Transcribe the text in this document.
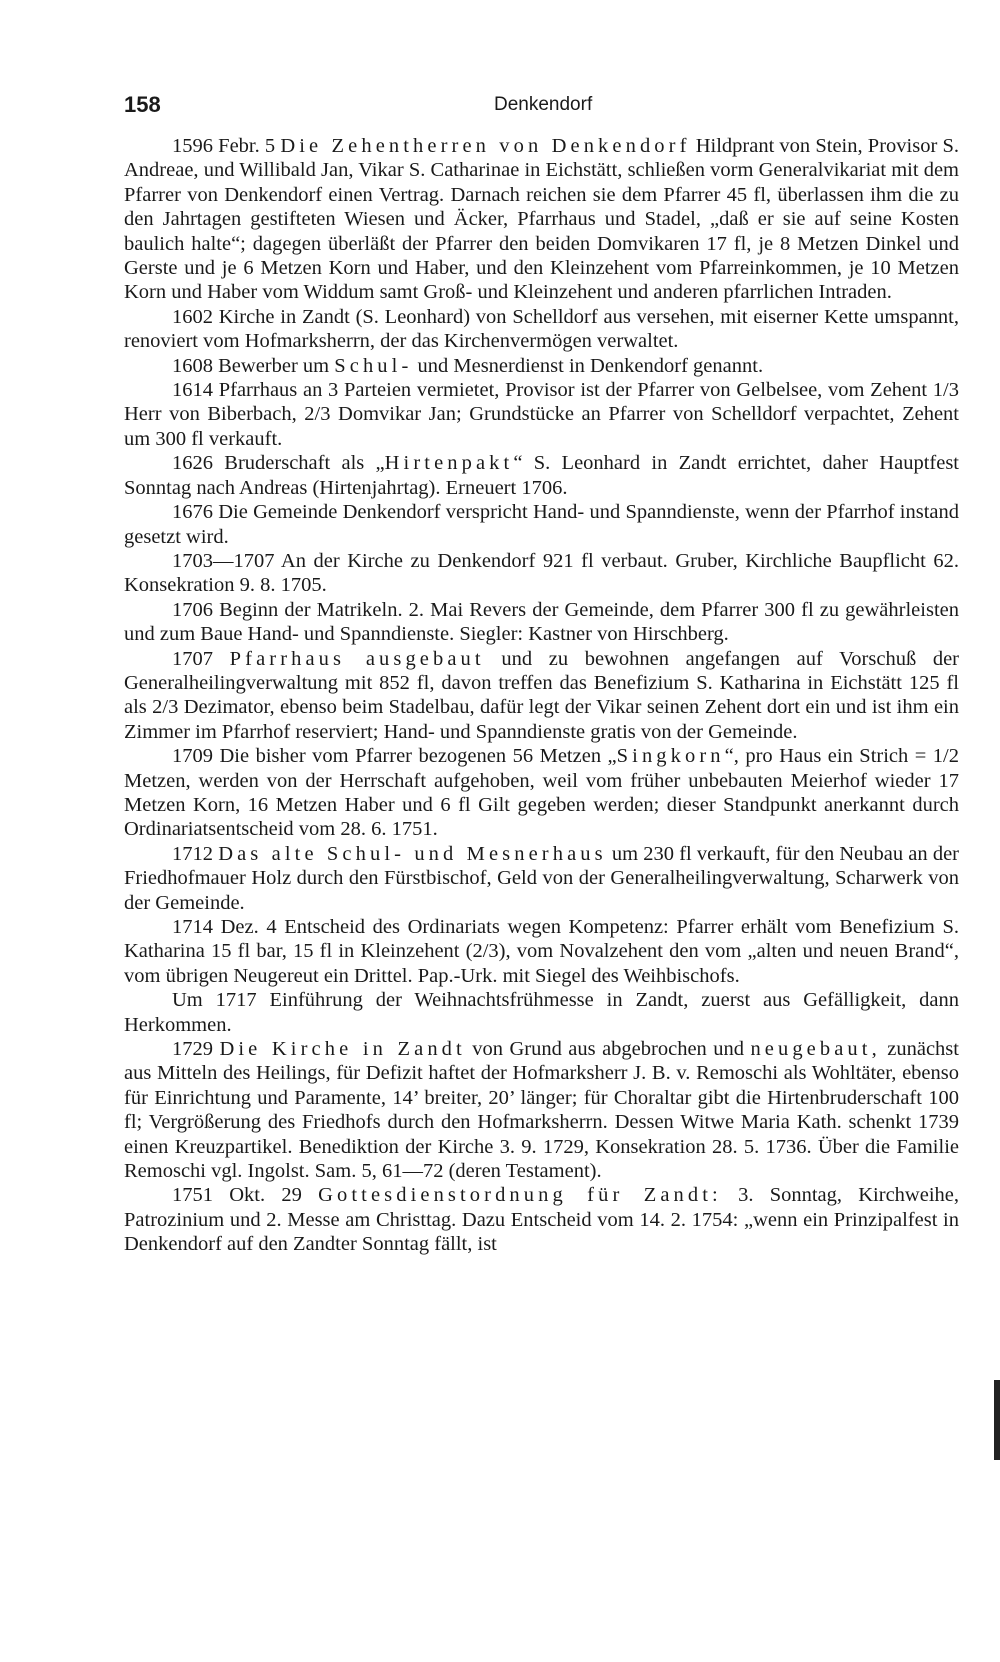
158	Denkendorf

1596 Febr. 5 Die Zehentherren von Denkendorf Hildprant von Stein, Provisor S. Andreae, und Willibald Jan, Vikar S. Catharinae in Eichstätt, schließen vorm Generalvikariat mit dem Pfarrer von Denkendorf einen Vertrag. Darnach reichen sie dem Pfarrer 45 fl, überlassen ihm die zu den Jahrtagen gestifteten Wiesen und Äcker, Pfarrhaus und Stadel, „daß er sie auf seine Kosten baulich halte“; dagegen überläßt der Pfarrer den beiden Domvikaren 17 fl, je 8 Metzen Dinkel und Gerste und je 6 Metzen Korn und Haber, und den Kleinzehent vom Pfarreinkommen, je 10 Metzen Korn und Haber vom Widdum samt Groß- und Kleinzehent und anderen pfarrlichen Intraden.

1602 Kirche in Zandt (S. Leonhard) von Schelldorf aus versehen, mit eiserner Kette umspannt, renoviert vom Hofmarksherrn, der das Kirchenvermögen verwaltet.

1608 Bewerber um Schul- und Mesnerdienst in Denkendorf genannt.

1614 Pfarrhaus an 3 Parteien vermietet, Provisor ist der Pfarrer von Gelbelsee, vom Zehent 1/3 Herr von Biberbach, 2/3 Domvikar Jan; Grundstücke an Pfarrer von Schelldorf verpachtet, Zehent um 300 fl verkauft.

1626 Bruderschaft als „Hirtenpakt“ S. Leonhard in Zandt errichtet, daher Hauptfest Sonntag nach Andreas (Hirtenjahrtag). Erneuert 1706.

1676 Die Gemeinde Denkendorf verspricht Hand- und Spanndienste, wenn der Pfarrhof instand gesetzt wird.

1703—1707 An der Kirche zu Denkendorf 921 fl verbaut. Gruber, Kirchliche Baupflicht 62. Konsekration 9. 8. 1705.

1706 Beginn der Matrikeln. 2. Mai Revers der Gemeinde, dem Pfarrer 300 fl zu gewährleisten und zum Baue Hand- und Spanndienste. Siegler: Kastner von Hirschberg.

1707 Pfarrhaus ausgebaut und zu bewohnen angefangen auf Vorschuß der Generalheilingverwaltung mit 852 fl, davon treffen das Benefizium S. Katharina in Eichstätt 125 fl als 2/3 Dezimator, ebenso beim Stadelbau, dafür legt der Vikar seinen Zehent dort ein und ist ihm ein Zimmer im Pfarrhof reserviert; Hand- und Spanndienste gratis von der Gemeinde.

1709 Die bisher vom Pfarrer bezogenen 56 Metzen „Singkorn“, pro Haus ein Strich = 1/2 Metzen, werden von der Herrschaft aufgehoben, weil vom früher unbebauten Meierhof wieder 17 Metzen Korn, 16 Metzen Haber und 6 fl Gilt gegeben werden; dieser Standpunkt anerkannt durch Ordinariatsentscheid vom 28. 6. 1751.

1712 Das alte Schul- und Mesnerhaus um 230 fl verkauft, für den Neubau an der Friedhofmauer Holz durch den Fürstbischof, Geld von der Generalheilingverwaltung, Scharwerk von der Gemeinde.

1714 Dez. 4 Entscheid des Ordinariats wegen Kompetenz: Pfarrer erhält vom Benefizium S. Katharina 15 fl bar, 15 fl in Kleinzehent (2/3), vom Novalzehent den vom „alten und neuen Brand“, vom übrigen Neugereut ein Drittel. Pap.-Urk. mit Siegel des Weihbischofs.

Um 1717 Einführung der Weihnachtsfrühmesse in Zandt, zuerst aus Gefälligkeit, dann Herkommen.

1729 Die Kirche in Zandt von Grund aus abgebrochen und neugebaut, zunächst aus Mitteln des Heilings, für Defizit haftet der Hofmarksherr J. B. v. Remoschi als Wohltäter, ebenso für Einrichtung und Paramente, 14’ breiter, 20’ länger; für Choraltar gibt die Hirtenbruderschaft 100 fl; Vergrößerung des Friedhofs durch den Hofmarksherrn. Dessen Witwe Maria Kath. schenkt 1739 einen Kreuzpartikel. Benediktion der Kirche 3. 9. 1729, Konsekration 28. 5. 1736. Über die Familie Remoschi vgl. Ingolst. Sam. 5, 61—72 (deren Testament).

1751 Okt. 29 Gottesdienstordnung für Zandt: 3. Sonntag, Kirchweihe, Patrozinium und 2. Messe am Christtag. Dazu Entscheid vom 14. 2. 1754: „wenn ein Prinzipalfest in Denkendorf auf den Zandter Sonntag fällt, ist
